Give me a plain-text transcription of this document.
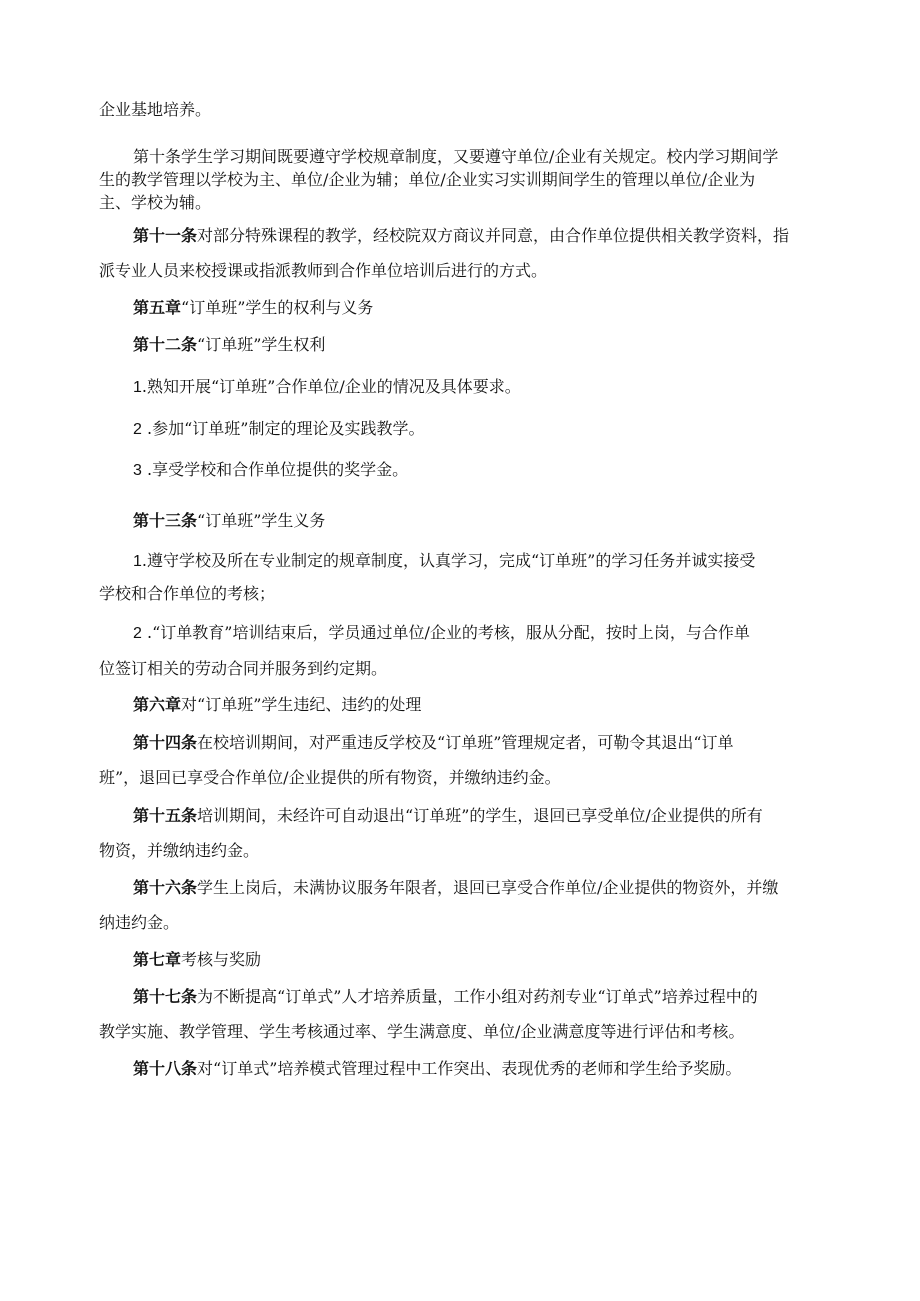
企业基地培养。

第十条学生学习期间既要遵守学校规章制度，又要遵守单位/企业有关规定。校内学习期间学

生的教学管理以学校为主、单位/企业为辅；单位/企业实习实训期间学生的管理以单位/企业为

主、学校为辅。

第十一条对部分特殊课程的教学，经校院双方商议并同意，由合作单位提供相关教学资料，指

派专业人员来校授课或指派教师到合作单位培训后进行的方式。

第五章“订单班”学生的权利与义务

第十二条“订单班”学生权利

1.熟知开展“订单班”合作单位/企业的情况及具体要求。

2 .参加“订单班”制定的理论及实践教学。

3 .享受学校和合作单位提供的奖学金。

第十三条“订单班”学生义务

1.遵守学校及所在专业制定的规章制度，认真学习，完成“订单班”的学习任务并诚实接受

学校和合作单位的考核；

2 .“订单教育”培训结束后，学员通过单位/企业的考核，服从分配，按时上岗，与合作单

位签订相关的劳动合同并服务到约定期。

第六章对“订单班”学生违纪、违约的处理

第十四条在校培训期间，对严重违反学校及“订单班”管理规定者，可勒令其退出“订单

班”，退回已享受合作单位/企业提供的所有物资，并缴纳违约金。

第十五条培训期间，未经许可自动退出“订单班”的学生，退回已享受单位/企业提供的所有

物资，并缴纳违约金。

第十六条学生上岗后，未满协议服务年限者，退回已享受合作单位/企业提供的物资外，并缴

纳违约金。

第七章考核与奖励

第十七条为不断提高“订单式”人才培养质量，工作小组对药剂专业“订单式”培养过程中的

教学实施、教学管理、学生考核通过率、学生满意度、单位/企业满意度等进行评估和考核。

第十八条对“订单式”培养模式管理过程中工作突出、表现优秀的老师和学生给予奖励。
